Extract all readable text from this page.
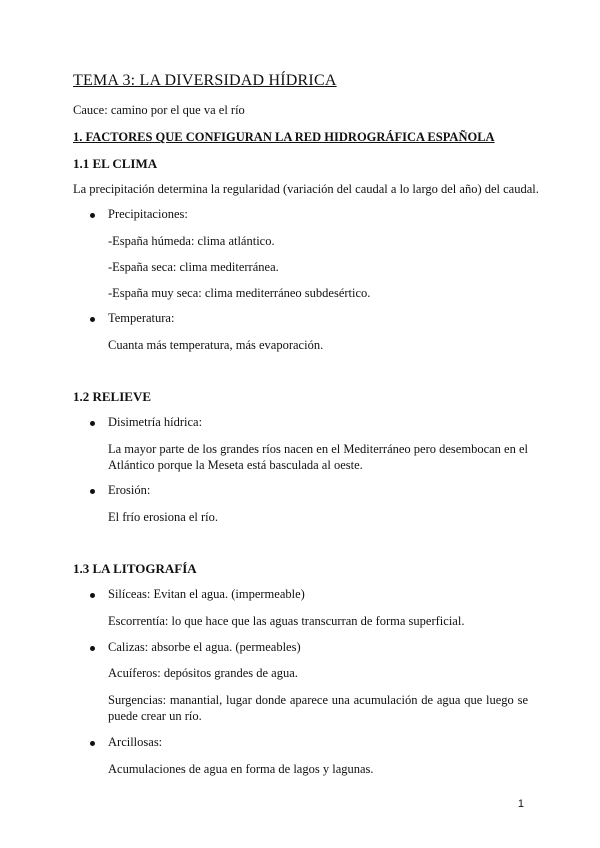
TEMA 3: LA DIVERSIDAD HÍDRICA
Cauce: camino por el que va el río
1. FACTORES QUE CONFIGURAN LA RED HIDROGRÁFICA ESPAÑOLA
1.1 EL CLIMA
La precipitación determina la regularidad (variación del caudal a lo largo del año) del caudal.
Precipitaciones:
-España húmeda: clima atlántico.
-España seca: clima mediterránea.
-España muy seca: clima mediterráneo subdesértico.
Temperatura:
Cuanta más temperatura, más evaporación.
1.2 RELIEVE
Disimetría hídrica:
La mayor parte de los grandes ríos nacen en el Mediterráneo pero desembocan en el Atlántico porque la Meseta está basculada al oeste.
Erosión:
El frío erosiona el río.
1.3 LA LITOGRAFÍA
Silíceas: Evitan el agua. (impermeable)
Escorrentía: lo que hace que las aguas transcurran de forma superficial.
Calizas: absorbe el agua. (permeables)
Acuíferos: depósitos grandes de agua.
Surgencias: manantial, lugar donde aparece una acumulación de agua que luego se puede crear un río.
Arcillosas:
Acumulaciones de agua en forma de lagos y lagunas.
1
